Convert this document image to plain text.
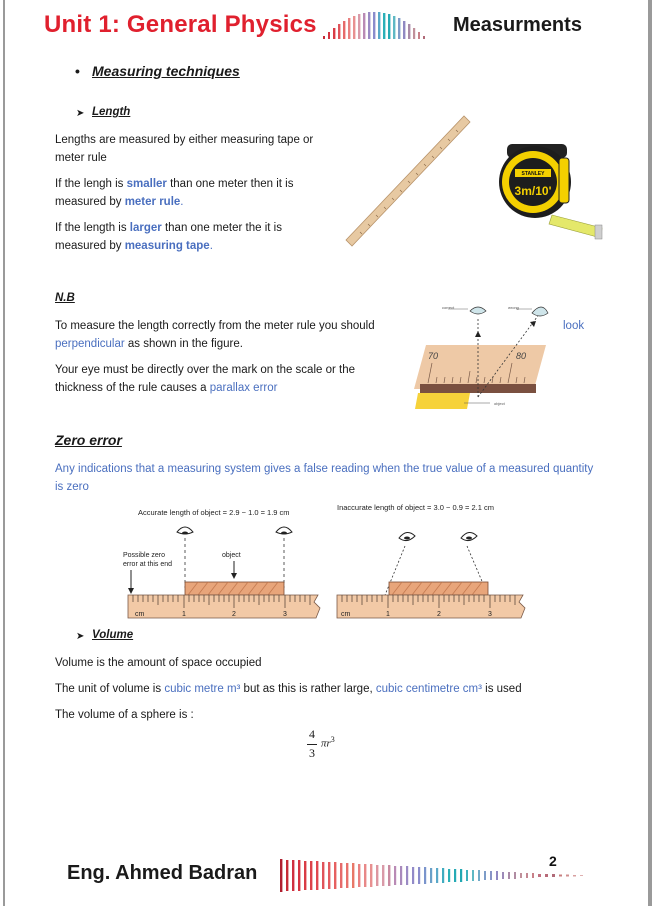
Unit 1: General Physics	Measurments
• Measuring techniques
➤ Length
Lengths are measured by either measuring tape or
meter rule
If the lengh is smaller than one meter then it is
measured by meter rule.
If the length is larger than one meter the it is
measured by measuring tape.
STANLEY
3m/10'
N.B
To measure the length correctly from the meter rule you should
perpendicular as shown in the figure.
look
Your eye must be directly over the mark on the scale or the
thickness of the rule causes a parallax error
70	80
correct	wrong
object
Zero error
Any indications that a measuring system gives a false reading when the true value of a measured quantity
is zero
Accurate length of object = 2.9 − 1.0 = 1.9 cm
Possible zero
error at this end
object
cm	1	2	3
Inaccurate length of object = 3.0 − 0.9 = 2.1 cm
cm	1	2	3
➤ Volume
Volume is the amount of space occupied
The unit of volume is cubic metre m³ but as this is rather large, cubic centimetre cm³ is used
The volume of a sphere is :
4
3
$\pi r^3$
Eng. Ahmed Badran
2
